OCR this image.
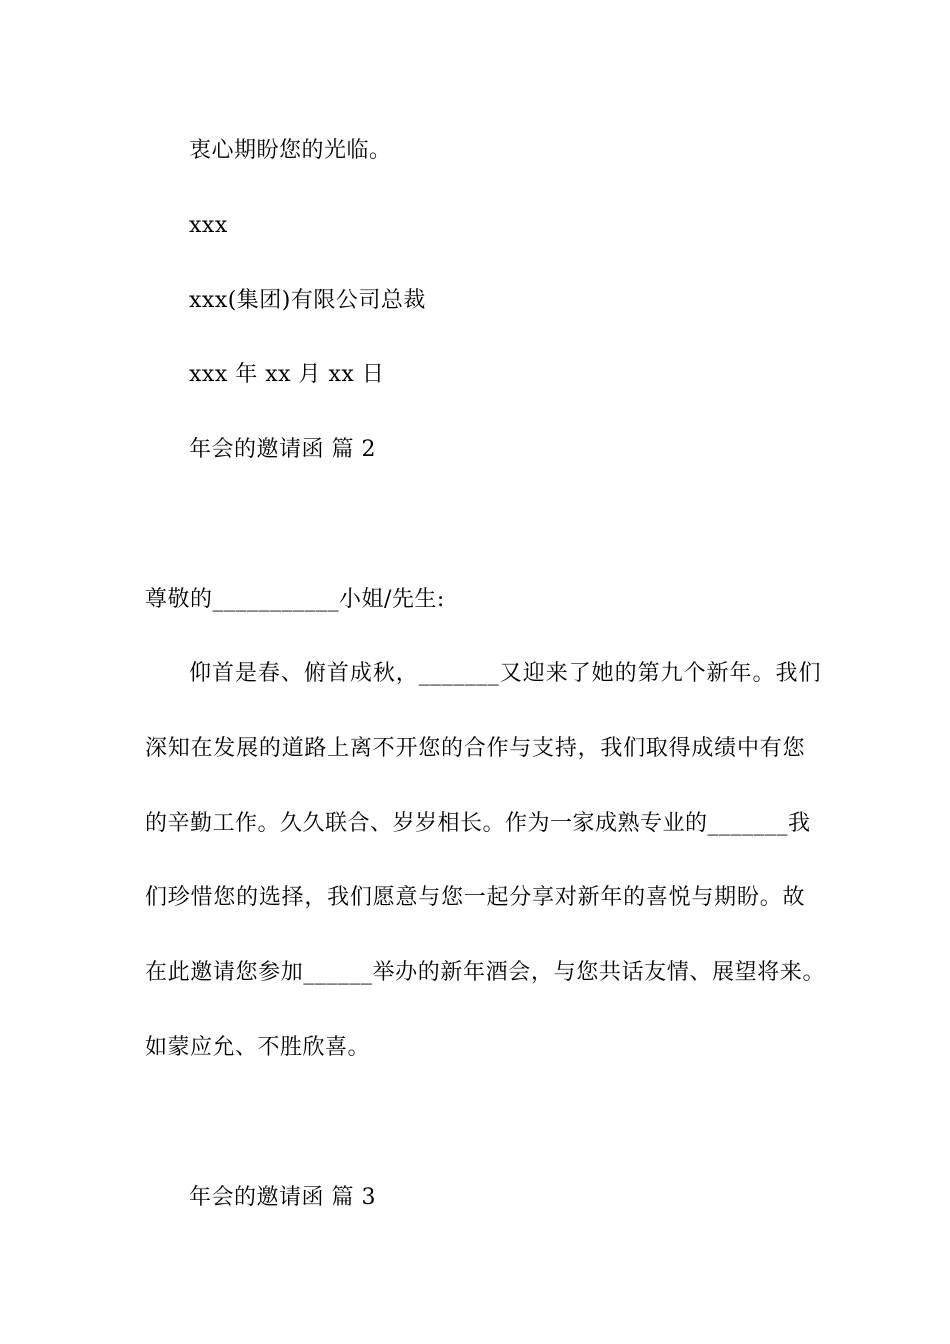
衷心期盼您的光临。
xxx
xxx(集团)有限公司总裁
xxx 年 xx 月 xx 日
年会的邀请函 篇 2
尊敬的___________小姐/先生:
仰首是春、俯首成秋，_______又迎来了她的第九个新年。我们
深知在发展的道路上离不开您的合作与支持，我们取得成绩中有您
的辛勤工作。久久联合、岁岁相长。作为一家成熟专业的_______我
们珍惜您的选择，我们愿意与您一起分享对新年的喜悦与期盼。故
在此邀请您参加______举办的新年酒会，与您共话友情、展望将来。
如蒙应允、不胜欣喜。
年会的邀请函 篇 3
